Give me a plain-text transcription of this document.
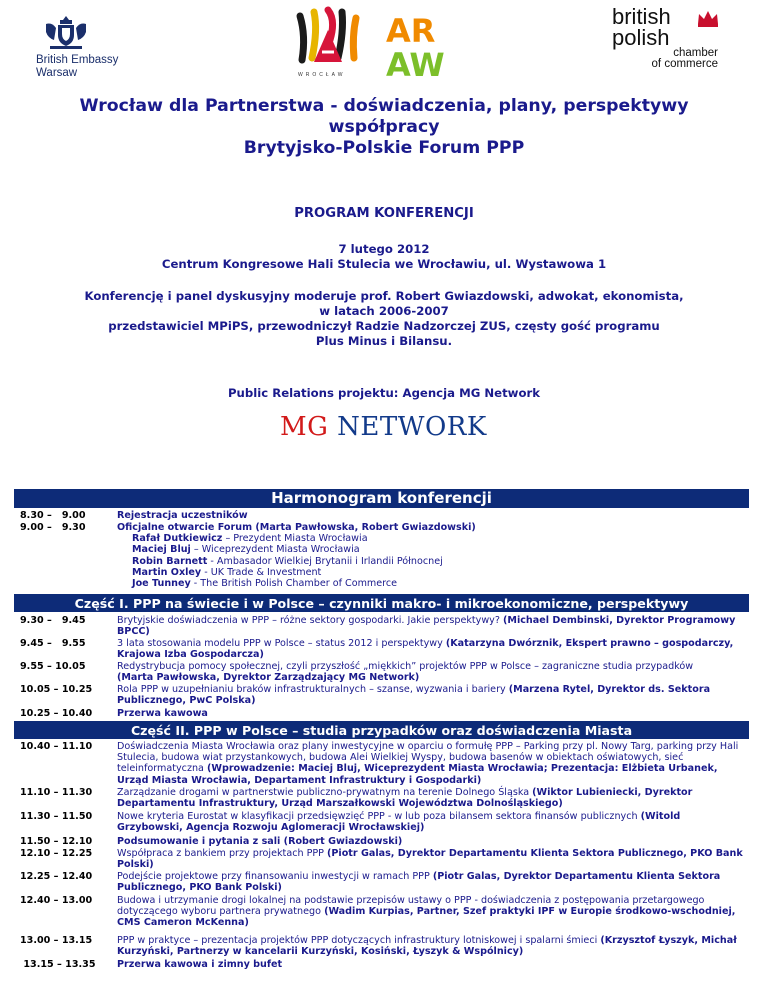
British Embassy
Warsaw	WROCŁAW
AR
AW
british
polish
chamber
of commerce
Wrocław dla Partnerstwa - doświadczenia, plany, perspektywy
współpracy
Brytyjsko-Polskie Forum PPP
PROGRAM KONFERENCJI
7 lutego 2012
Centrum Kongresowe Hali Stulecia we Wrocławiu, ul. Wystawowa 1
Konferencję i panel dyskusyjny moderuje prof. Robert Gwiazdowski, adwokat, ekonomista,
w latach 2006-2007
przedstawiciel MPiPS, przewodniczył Radzie Nadzorczej ZUS, częsty gość programu
Plus Minus i Bilansu.
Public Relations projektu: Agencja MG Network
MG NETWORK
Harmonogram konferencji
8.30 –   9.00	Rejestracja uczestników
9.00 –   9.30	Oficjalne otwarcie Forum (Marta Pawłowska, Robert Gwiazdowski)
Rafał Dutkiewicz – Prezydent Miasta Wrocławia
Maciej Bluj – Wiceprezydent Miasta Wrocławia
Robin Barnett - Ambasador Wielkiej Brytanii i Irlandii Północnej
Martin Oxley - UK Trade & Investment
Joe Tunney - The British Polish Chamber of Commerce
Część I. PPP na świecie i w Polsce – czynniki makro- i mikroekonomiczne, perspektywy
9.30 –   9.45	Brytyjskie doświadczenia w PPP – różne sektory gospodarki. Jakie perspektywy? (Michael Dembinski, Dyrektor Programowy BPCC)
9.45 –   9.55	3 lata stosowania modelu PPP w Polsce – status 2012 i perspektywy (Katarzyna Dwórznik, Ekspert prawno – gospodarczy, Krajowa Izba Gospodarcza)
9.55 – 10.05	Redystrybucja pomocy społecznej, czyli przyszłość „miękkich” projektów PPP w Polsce – zagraniczne studia przypadków
(Marta Pawłowska, Dyrektor Zarządzający MG Network)
10.05 – 10.25	Rola PPP w uzupełnianiu braków infrastrukturalnych – szanse, wyzwania i bariery (Marzena Rytel, Dyrektor ds. Sektora Publicznego, PwC Polska)
10.25 – 10.40	Przerwa kawowa
Część II. PPP w Polsce – studia przypadków oraz doświadczenia Miasta
10.40 – 11.10	Doświadczenia Miasta Wrocławia oraz plany inwestycyjne w oparciu o formułę PPP – Parking przy pl. Nowy Targ, parking przy Hali Stulecia, budowa wiat przystankowych, budowa Alei Wielkiej Wyspy, budowa basenów w obiektach oświatowych, sieć teleinformatyczna (Wprowadzenie: Maciej Bluj, Wiceprezydent Miasta Wrocławia; Prezentacja: Elżbieta Urbanek, Urząd Miasta Wrocławia, Departament Infrastruktury i Gospodarki)
11.10 – 11.30	Zarządzanie drogami w partnerstwie publiczno-prywatnym na terenie Dolnego Śląska (Wiktor Lubieniecki, Dyrektor Departamentu Infrastruktury, Urząd Marszałkowski Województwa Dolnośląskiego)
11.30 – 11.50	Nowe kryteria Eurostat w klasyfikacji przedsięwzięć PPP - w lub poza bilansem sektora finansów publicznych (Witold Grzybowski, Agencja Rozwoju Aglomeracji Wrocławskiej)
11.50 – 12.10	Podsumowanie i pytania z sali (Robert Gwiazdowski)
12.10 – 12.25	Współpraca z bankiem przy projektach PPP (Piotr Galas, Dyrektor Departamentu Klienta Sektora Publicznego, PKO Bank Polski)
12.25 – 12.40	Podejście projektowe przy finansowaniu inwestycji w ramach PPP (Piotr Galas, Dyrektor Departamentu Klienta Sektora Publicznego, PKO Bank Polski)
12.40 – 13.00	Budowa i utrzymanie drogi lokalnej na podstawie przepisów ustawy o PPP - doświadczenia z postępowania przetargowego dotyczącego wyboru partnera prywatnego (Wadim Kurpias, Partner, Szef praktyki IPF w Europie środkowo-wschodniej, CMS Cameron McKenna)
13.00 – 13.15	PPP w praktyce – prezentacja projektów PPP dotyczących infrastruktury lotniskowej i spalarni śmieci (Krzysztof Łyszyk, Michał Kurzyński, Partnerzy w kancelarii Kurzyński, Kosiński, Łyszyk & Wspólnicy)
13.15 – 13.35	Przerwa kawowa i zimny bufet
